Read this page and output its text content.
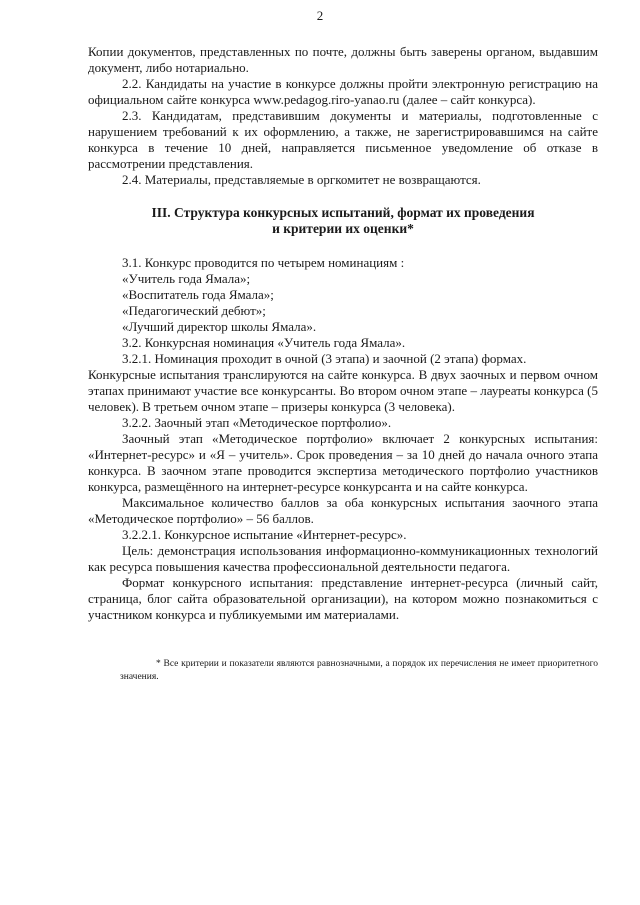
2

Копии документов, представленных по почте, должны быть заверены органом, выдавшим документ, либо нотариально.

2.2. Кандидаты на участие в конкурсе должны пройти электронную регистрацию на официальном сайте конкурса www.pedagog.riro-yanao.ru (далее – сайт конкурса).

2.3. Кандидатам, представившим документы и материалы, подготовленные с нарушением требований к их оформлению, а также, не зарегистрировавшимся на сайте конкурса в течение 10 дней, направляется письменное уведомление об отказе в рассмотрении представления.

2.4. Материалы, представляемые в оргкомитет не возвращаются.

III. Структура конкурсных испытаний, формат их проведения
и критерии их оценки*

3.1. Конкурс проводится по четырем номинациям :

«Учитель года Ямала»;

«Воспитатель года Ямала»;

«Педагогический дебют»;

«Лучший директор школы Ямала».

3.2. Конкурсная номинация «Учитель года Ямала».

3.2.1. Номинация проходит в очной (3 этапа) и заочной (2 этапа) формах.

Конкурсные испытания транслируются на сайте конкурса. В двух заочных и первом очном этапах принимают участие все конкурсанты. Во втором очном этапе – лауреаты конкурса (5 человек). В третьем очном этапе – призеры конкурса (3 человека).

3.2.2. Заочный этап «Методическое портфолио».

Заочный этап «Методическое портфолио» включает 2 конкурсных испытания: «Интернет-ресурс» и «Я – учитель». Срок проведения – за 10 дней до начала очного этапа конкурса. В заочном этапе проводится экспертиза методического портфолио участников конкурса, размещённого на интернет-ресурсе конкурсанта и на сайте конкурса.

Максимальное количество баллов за оба конкурсных испытания заочного этапа «Методическое портфолио» – 56 баллов.

3.2.2.1. Конкурсное испытание «Интернет-ресурс».

Цель: демонстрация использования информационно-коммуникационных технологий как ресурса повышения качества профессиональной деятельности педагога.

Формат конкурсного испытания: представление интернет-ресурса (личный сайт, страница, блог сайта образовательной организации), на котором можно познакомиться с участником конкурса и публикуемыми им материалами.

* Все критерии и показатели являются равнозначными, а порядок их перечисления не имеет приоритетного значения.
